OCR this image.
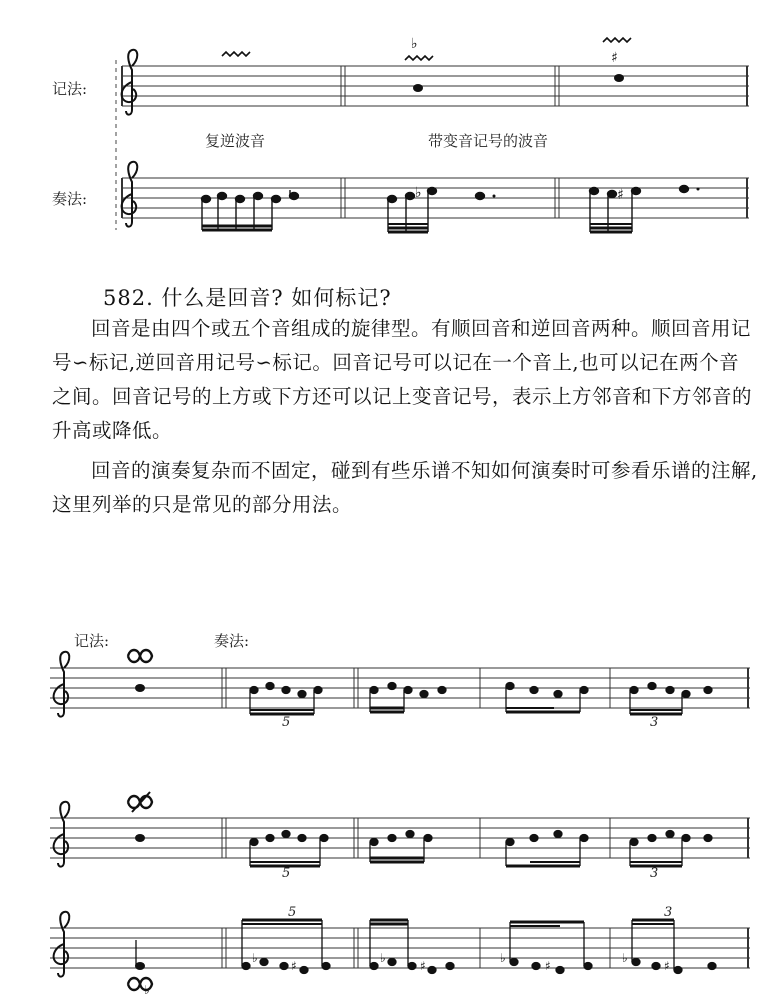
记法:
奏法:
复逆波音	带变音记号的波音
♭
♯
♭	♯
♭
♭
♯
♭
♯
♭
♯
♭
♯
582. 什么是回音? 如何标记?

回音是由四个或五个音组成的旋律型。有顺回音和逆回音两种。顺回音用记号∽标记,逆回音用记号∽标记。回音记号可以记在一个音上,也可以记在两个音之间。回音记号的上方或下方还可以记上变音记号，表示上方邻音和下方邻音的升高或降低。

回音的演奏复杂而不固定，碰到有些乐谱不知如何演奏时可参看乐谱的注解,这里列举的只是常见的部分用法。

记法:	奏法:
5	3
5	3
5	3
